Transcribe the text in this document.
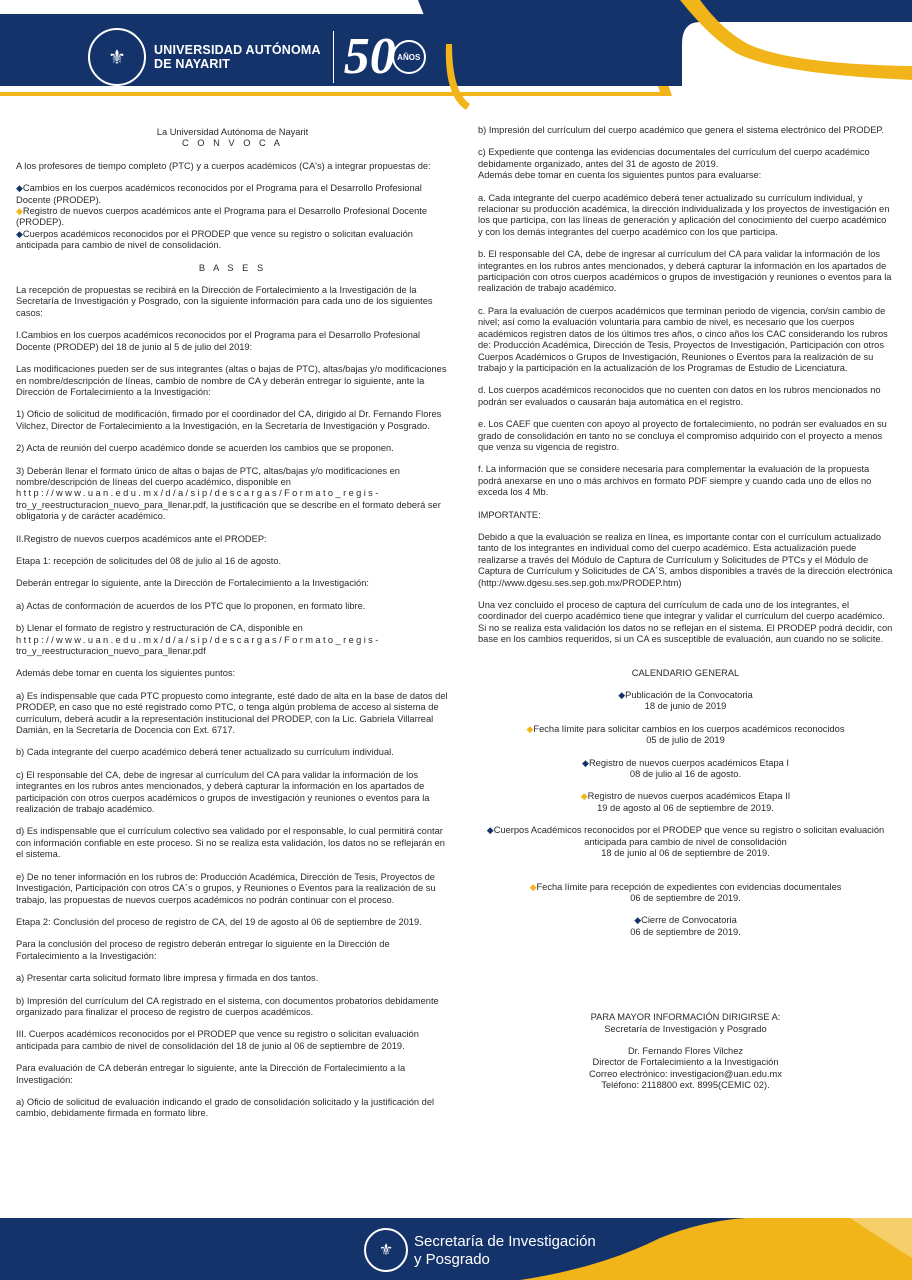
⚜	UNIVERSIDAD AUTÓNOMA
DE NAYARIT	50 AÑOS

La Universidad Autónoma de Nayarit

C O N V O C A

A los profesores de tiempo completo (PTC) y a cuerpos académicos (CA's) a integrar propuestas de:

◆Cambios en los cuerpos académicos reconocidos por el Programa para el Desarrollo Profesional Docente (PRODEP).
◆Registro de nuevos cuerpos académicos ante el Programa para el Desarrollo Profesional Docente (PRODEP).
◆Cuerpos académicos reconocidos por el PRODEP que vence su registro o solicitan evaluación anticipada para cambio de nivel de consolidación.

B A S E S

La recepción de propuestas se recibirá en la Dirección de Fortalecimiento a la Investigación de la Secretaría de Investigación y Posgrado, con la siguiente información para cada uno de los siguientes casos:

I.Cambios en los cuerpos académicos reconocidos por el Programa para el Desarrollo Profesional Docente (PRODEP) del 18 de junio al 5 de julio del 2019:

Las modificaciones pueden ser de sus integrantes (altas o bajas de PTC), altas/bajas y/o modificaciones en nombre/descripción de líneas, cambio de nombre de CA y deberán entregar lo siguiente, ante la Dirección de Fortalecimiento a la Investigación:

1) Oficio de solicitud de modificación, firmado por el coordinador del CA, dirigido al Dr. Fernando Flores Vilchez, Director de Fortalecimiento a la Investigación, en la Secretaría de Investigación y Posgrado.

2) Acta de reunión del cuerpo académico donde se acuerden los cambios que se proponen.

3) Deberán llenar el formato único de altas o bajas de PTC, altas/bajas y/o modificaciones en nombre/descripción de líneas del cuerpo académico, disponible en
http://www.uan.edu.mx/d/a/sip/descargas/Formato_regis-
tro_y_reestructuracion_nuevo_para_llenar.pdf, la justificación que se describe en el formato deberá ser obligatoria y de carácter académico.

II.Registro de nuevos cuerpos académicos ante el PRODEP:

Etapa 1: recepción de solicitudes del 08 de julio al 16 de agosto.

Deberán entregar lo siguiente, ante la Dirección de Fortalecimiento a la Investigación:

a) Actas de conformación de acuerdos de los PTC que lo proponen, en formato libre.

b) Llenar el formato de registro y restructuración de CA, disponible en
http://www.uan.edu.mx/d/a/sip/descargas/Formato_regis-
tro_y_reestructuracion_nuevo_para_llenar.pdf

Además debe tomar en cuenta los siguientes puntos:

a) Es indispensable que cada PTC propuesto como integrante, esté dado de alta en la base de datos del PRODEP, en caso que no esté registrado como PTC, o tenga algún problema de acceso al sistema de currículum, deberá acudir a la representación institucional del PRODEP, con la Lic. Gabriela Villarreal Damián, en la Secretaría de Docencia con Ext. 6717.

b) Cada integrante del cuerpo académico deberá tener actualizado su currículum individual.

c) El responsable del CA, debe de ingresar al currículum del CA para validar la información de los integrantes en los rubros antes mencionados, y deberá capturar la información en los apartados de participación con otros cuerpos académicos o grupos de investigación y reuniones o eventos para la realización de trabajo académico.

d) Es indispensable que el currículum colectivo sea validado por el responsable, lo cual permitirá contar con información confiable en este proceso. Si no se realiza esta validación, los datos no se reflejarán en el sistema.

e) De no tener información en los rubros de: Producción Académica, Dirección de Tesis, Proyectos de Investigación, Participación con otros CA´s o grupos, y Reuniones o Eventos para la realización de su trabajo, las propuestas de nuevos cuerpos académicos no podrán continuar con el proceso.

Etapa 2: Conclusión del proceso de registro de CA, del 19 de agosto al 06 de septiembre de 2019.

Para la conclusión del proceso de registro deberán entregar lo siguiente en la Dirección de Fortalecimiento a la Investigación:

a) Presentar carta solicitud formato libre impresa y firmada en dos tantos.

b) Impresión del currículum del CA registrado en el sistema, con documentos probatorios debidamente organizado para finalizar el proceso de registro de cuerpos académicos.

III. Cuerpos académicos reconocidos por el PRODEP que vence su registro o solicitan evaluación anticipada para cambio de nivel de consolidación del 18 de junio al 06 de septiembre de 2019.

Para evaluación de CA deberán entregar lo siguiente, ante la Dirección de Fortalecimiento a la Investigación:

a) Oficio de solicitud de evaluación indicando el grado de consolidación solicitado y la justificación del cambio, debidamente firmada en formato libre.

b) Impresión del currículum del cuerpo académico que genera el sistema electrónico del PRODEP.

c) Expediente que contenga las evidencias documentales del currículum del cuerpo académico debidamente organizado, antes del 31 de agosto de 2019.
Además debe tomar en cuenta los siguientes puntos para evaluarse:

a. Cada integrante del cuerpo académico deberá tener actualizado su currículum individual, y relacionar su producción académica, la dirección individualizada y los proyectos de investigación en los que participa, con las líneas de generación y aplicación del conocimiento del cuerpo académico y con los demás integrantes del cuerpo académico con los que participa.

b. El responsable del CA, debe de ingresar al currículum del CA para validar la información de los integrantes en los rubros antes mencionados, y deberá capturar la información en los apartados de participación con otros cuerpos académicos o grupos de investigación y reuniones o eventos para la realización de trabajo académico.

c. Para la evaluación de cuerpos académicos que terminan periodo de vigencia, con/sin cambio de nivel; así como la evaluación voluntaria para cambio de nivel, es necesario que los cuerpos académicos registren datos de los últimos tres años, o cinco años los CAC considerando los rubros de: Producción Académica, Dirección de Tesis, Proyectos de Investigación, Participación con otros Cuerpos Académicos o Grupos de Investigación, Reuniones o Eventos para la realización de su trabajo y la participación en la actualización de los Programas de Estudio de Licenciatura.

d. Los cuerpos académicos reconocidos que no cuenten con datos en los rubros mencionados no podrán ser evaluados o causarán baja automática en el registro.

e. Los CAEF que cuenten con apoyo al proyecto de fortalecimiento, no podrán ser evaluados en su grado de consolidación en tanto no se concluya el compromiso adquirido con el proyecto a menos que venza su vigencia de registro.

f. La información que se considere necesaria para complementar la evaluación de la propuesta podrá anexarse en uno o más archivos en formato PDF siempre y cuando cada uno de ellos no exceda los 4 Mb.

IMPORTANTE:

Debido a que la evaluación se realiza en línea, es importante contar con el currículum actualizado tanto de los integrantes en individual como del cuerpo académico. Esta actualización puede realizarse a través del Módulo de Captura de Currículum y Solicitudes de PTCs y el Módulo de Captura de Currículum y Solicitudes de CA´S, ambos disponibles a través de la dirección electrónica (http://www.dgesu.ses.sep.gob.mx/PRODEP.htm)

Una vez concluido el proceso de captura del currículum de cada uno de los integrantes, el coordinador del cuerpo académico tiene que integrar y validar el currículum del cuerpo académico. Si no se realiza esta validación los datos no se reflejan en el sistema. El PRODEP podrá decidir, con base en los cambios requeridos, si un CA es susceptible de evaluación, aun cuando no se solicite.

CALENDARIO GENERAL

◆Publicación de la Convocatoria
18 de junio de 2019

◆Fecha límite para solicitar cambios en los cuerpos académicos reconocidos
05 de julio de 2019

◆Registro de nuevos cuerpos académicos Etapa I
08 de julio al 16 de agosto.

◆Registro de nuevos cuerpos académicos Etapa II
19 de agosto al 06 de septiembre de 2019.

◆Cuerpos Académicos reconocidos por el PRODEP que vence su registro o solicitan evaluación anticipada para cambio de nivel de consolidación
18 de junio al 06 de septiembre de 2019.

◆Fecha límite para recepción de expedientes con evidencias documentales
06 de septiembre de 2019.

◆Cierre de Convocatoria
06 de septiembre de 2019.

PARA MAYOR INFORMACIÓN DIRIGIRSE A:
Secretaría de Investigación y Posgrado
Dr. Fernando Flores Vilchez
Director de Fortalecimiento a la Investigación
Correo electrónico: investigacion@uan.edu.mx
Teléfono: 2118800 ext. 8995(CEMIC 02).
⚜
Secretaría de Investigación
y Posgrado
